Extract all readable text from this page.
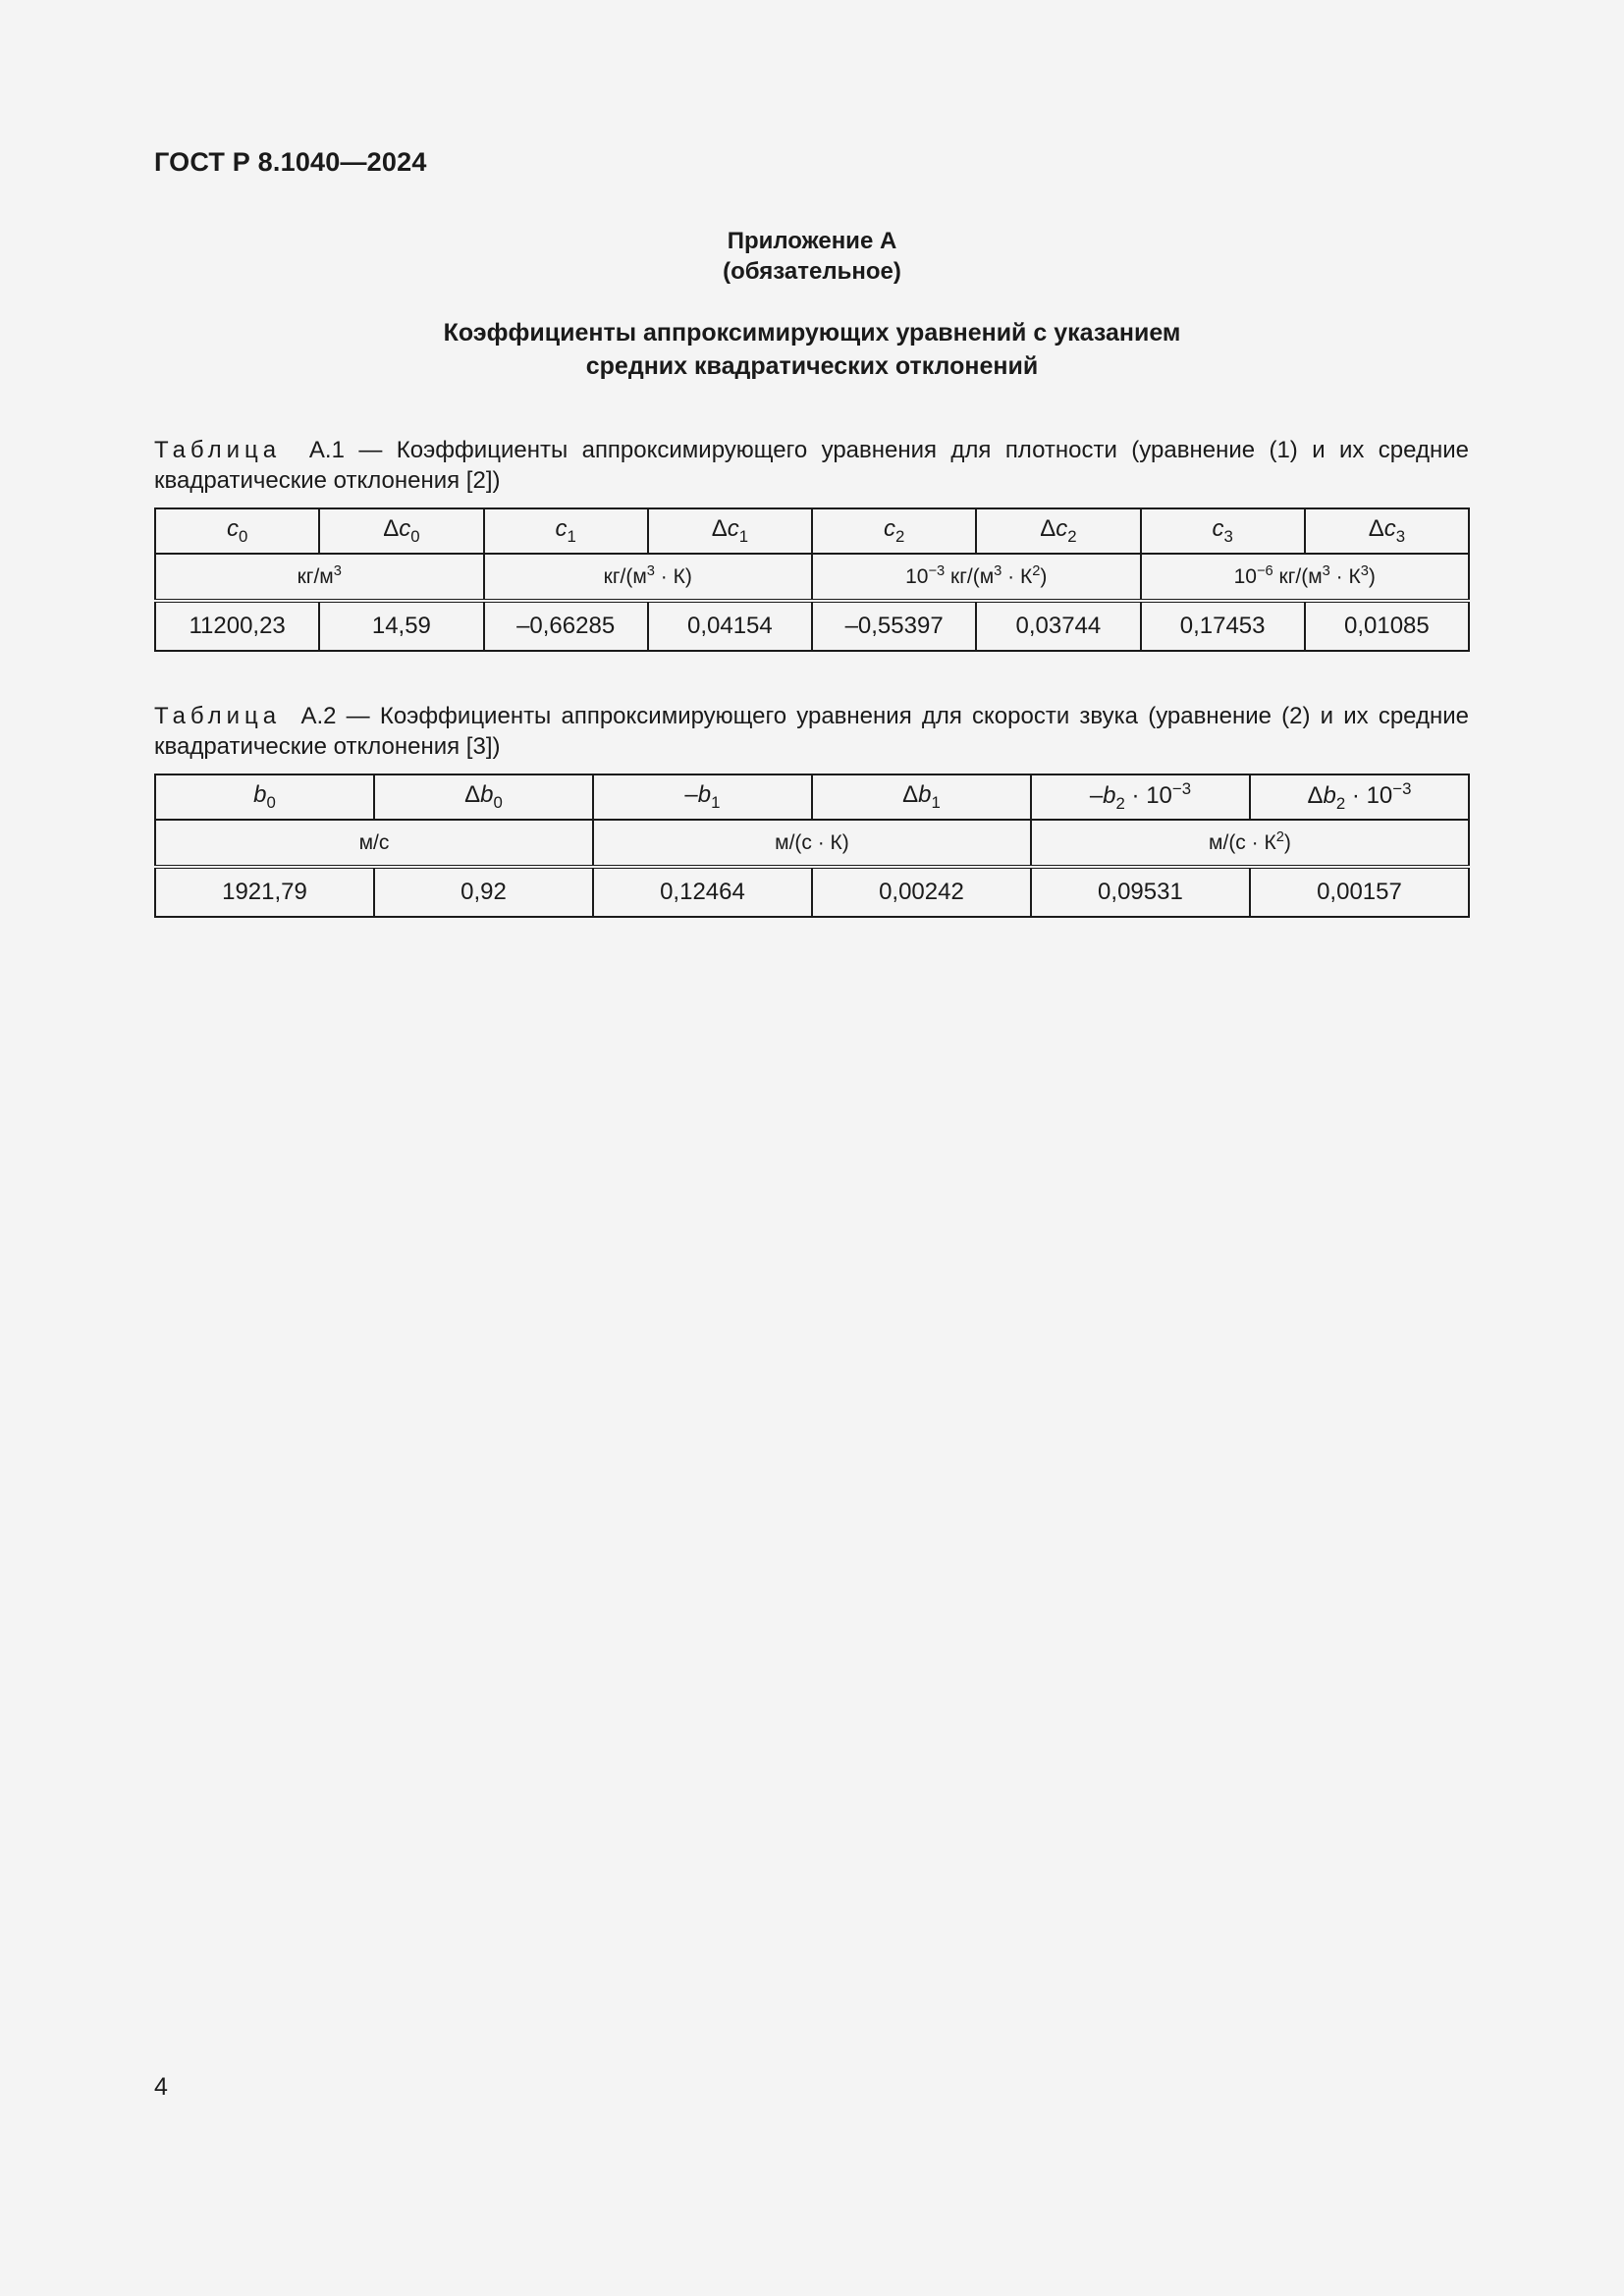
ГОСТ Р 8.1040—2024
Приложение А
(обязательное)
Коэффициенты аппроксимирующих уравнений с указанием
средних квадратических отклонений
Таблица А.1 — Коэффициенты аппроксимирующего уравнения для плотности (уравнение (1) и их средние квадратические отклонения [2])
$c_0$	$\Delta c_0$	$c_1$	$\Delta c_1$	$c_2$	$\Delta c_2$	$c_3$	$\Delta c_3$
$кг/м^3$		$кг/(м^3 \cdot К)$		$10^{-3}$ $кг/(м^3 \cdot К^2)$		$10^{-6}$ $кг/(м^3 \cdot К^3)$	
11200,23	14,59	–0,66285	0,04154	–0,55397	0,03744	0,17453	0,01085
Таблица А.2 — Коэффициенты аппроксимирующего уравнения для скорости звука (уравнение (2) и их средние квадратические отклонения [3])
$b_0$	$\Delta b_0$	$-b_1$	$\Delta b_1$	$-b_2 \cdot 10^{-3}$	$\Delta b_2 \cdot 10^{-3}$
м/с		м/(с · К)		$м/(с \cdot К^2)$	
1921,79	0,92	0,12464	0,00242	0,09531	0,00157
4
